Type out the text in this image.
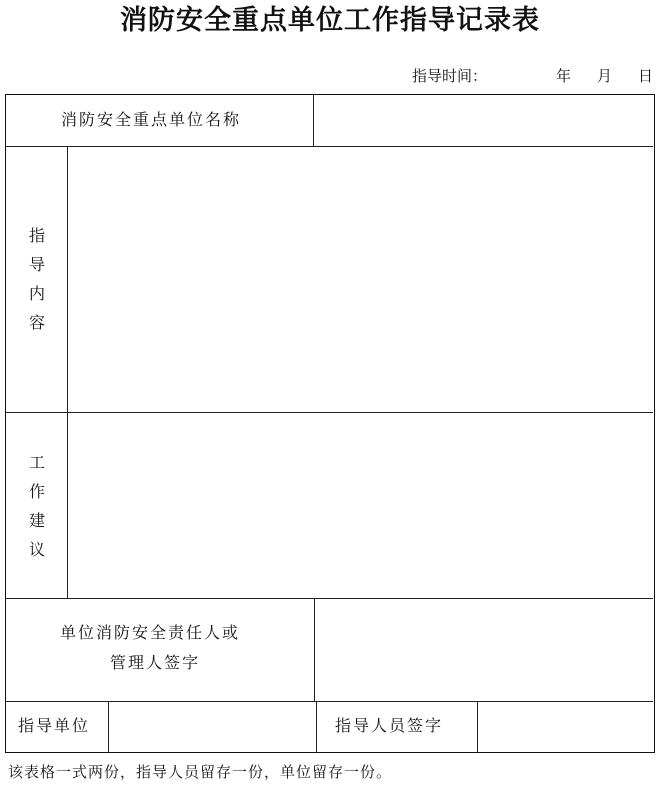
消防安全重点单位工作指导记录表
指导时间：	年 月 日
消防安全重点单位名称
指
导
内
容
工
作
建
议
单位消防安全责任人或
管理人签字
指导单位	指导人员签字
该表格一式两份，指导人员留存一份，单位留存一份。
